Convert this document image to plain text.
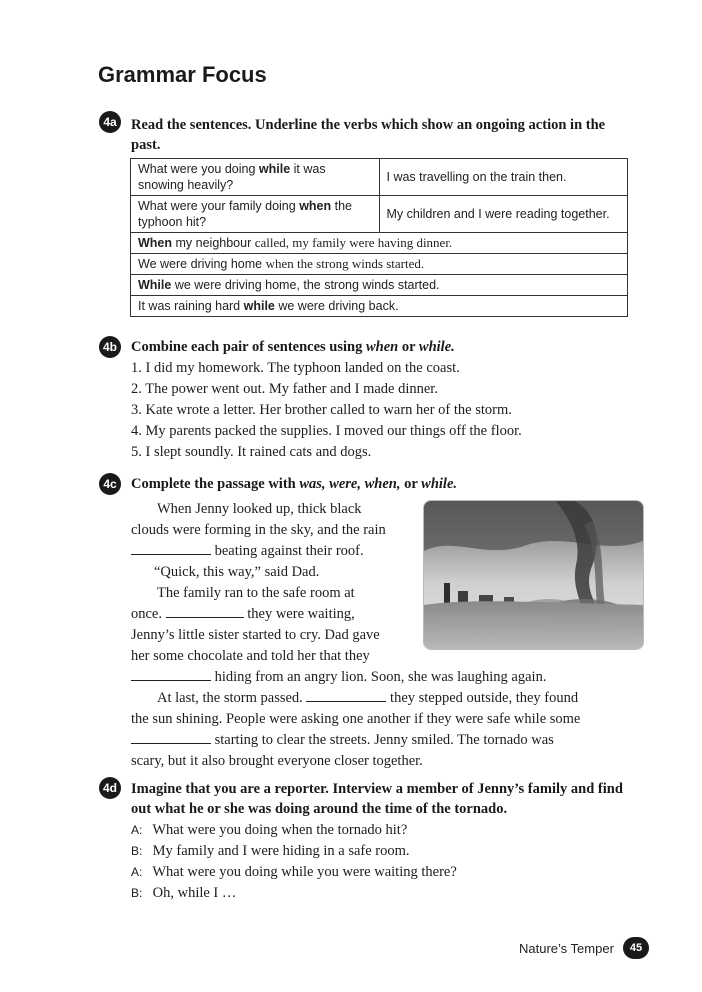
Grammar Focus
4a Read the sentences. Underline the verbs which show an ongoing action in the past.
What were you doing while it was snowing heavily?	I was travelling on the train then.
What were your family doing when the typhoon hit?	My children and I were reading together.
When my neighbour called, my family were having dinner.	
We were driving home when the strong winds started.	
While we were driving home, the strong winds started.	
It was raining hard while we were driving back.	
4b Combine each pair of sentences using when or while.
1. I did my homework. The typhoon landed on the coast.
2. The power went out. My father and I made dinner.
3. Kate wrote a letter. Her brother called to warn her of the storm.
4. My parents packed the supplies. I moved our things off the floor.
5. I slept soundly. It rained cats and dogs.
4c Complete the passage with was, were, when, or while.
When Jenny looked up, thick black
clouds were forming in the sky, and the rain
beating against their roof.
“Quick, this way,” said Dad.
The family ran to the safe room at
once.	they were waiting,
Jenny’s little sister started to cry. Dad gave
her some chocolate and told her that they
hiding from an angry lion. Soon, she was laughing again.
At last, the storm passed.	they stepped outside, they found
the sun shining. People were asking one another if they were safe while some
starting to clear the streets. Jenny smiled. The tornado was
scary, but it also brought everyone closer together.
4d Imagine that you are a reporter. Interview a member of Jenny’s family and find out what he or she was doing around the time of the tornado.
A: What were you doing when the tornado hit?
B: My family and I were hiding in a safe room.
A: What were you doing while you were waiting there?
B: Oh, while I …
Nature’s Temper	45
